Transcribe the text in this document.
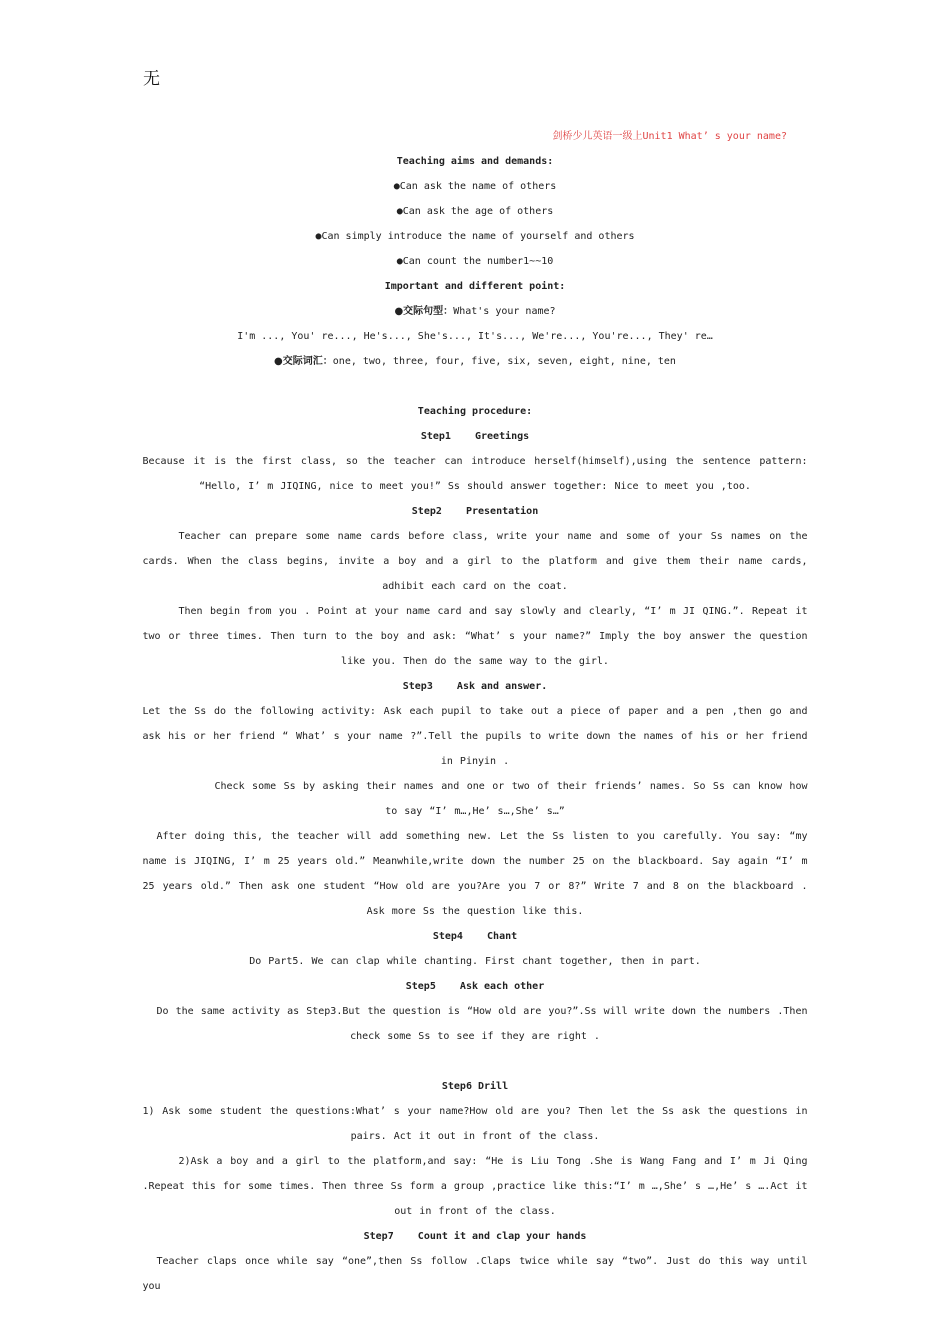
无
剑桥少儿英语一级上Unit1 What’ s your name?
Teaching aims and demands:
●Can ask the name of others
●Can ask the age of others
●Can simply introduce the name of yourself and others
●Can count the number1~~10
Important and different point:
●交际句型：What's your name?
I'm ..., You' re..., He's..., She's..., It's..., We're..., You're..., They' re…
●交际词汇：one, two, three, four, five, six, seven, eight, nine, ten
Teaching procedure:
Step1    Greetings
Because it is the first class, so the teacher can introduce herself(himself),using the sentence pattern: “Hello, I’ m JIQING, nice to meet you!” Ss should answer together: Nice to meet you ,too.
Step2    Presentation
Teacher can prepare some name cards before class, write your name and some of your Ss names on the cards. When the class begins, invite a boy and a girl to the platform and give them their name cards, adhibit each card on the coat.
Then begin from you . Point at your name card and say slowly and clearly, “I’ m JI QING.”. Repeat it two or three times. Then turn to the boy and ask: “What’ s your name?” Imply the boy answer the question like you. Then do the same way to the girl.
Step3    Ask and answer.
Let the Ss do the following activity: Ask each pupil to take out a piece of paper and a pen ,then go and ask his or her friend “ What’ s your name ?”.Tell the pupils to write down the names of his or her friend in Pinyin .
Check some Ss by asking their names and one or two of their friends’ names. So Ss can know how to say “I’ m…,He’ s…,She’ s…”
After doing this, the teacher will add something new. Let the Ss listen to you carefully. You say: “my name is JIQING, I’ m 25 years old.” Meanwhile,write down the number 25 on the blackboard. Say again “I’ m 25 years old.” Then ask one student “How old are you?Are you 7 or 8?” Write 7 and 8 on the blackboard . Ask more Ss the question like this.
Step4    Chant
Do Part5. We can clap while chanting. First chant together, then in part.
Step5    Ask each other
Do the same activity as Step3.But the question is “How old are you?”.Ss will write down the numbers .Then check some Ss to see if they are right .
Step6 Drill
1) Ask some student the questions:What’ s your name?How old are you? Then let the Ss ask the questions in pairs. Act it out in front of the class.
2)Ask a boy and a girl to the platform,and say: “He is Liu Tong .She is Wang Fang and I’ m Ji Qing .Repeat this for some times. Then three Ss form a group ,practice like this:“I’ m …,She’ s …,He’ s ….Act it out in front of the class.
Step7    Count it and clap your hands
Teacher claps once while say “one”,then Ss follow .Claps twice while say “two”. Just do this way until you
